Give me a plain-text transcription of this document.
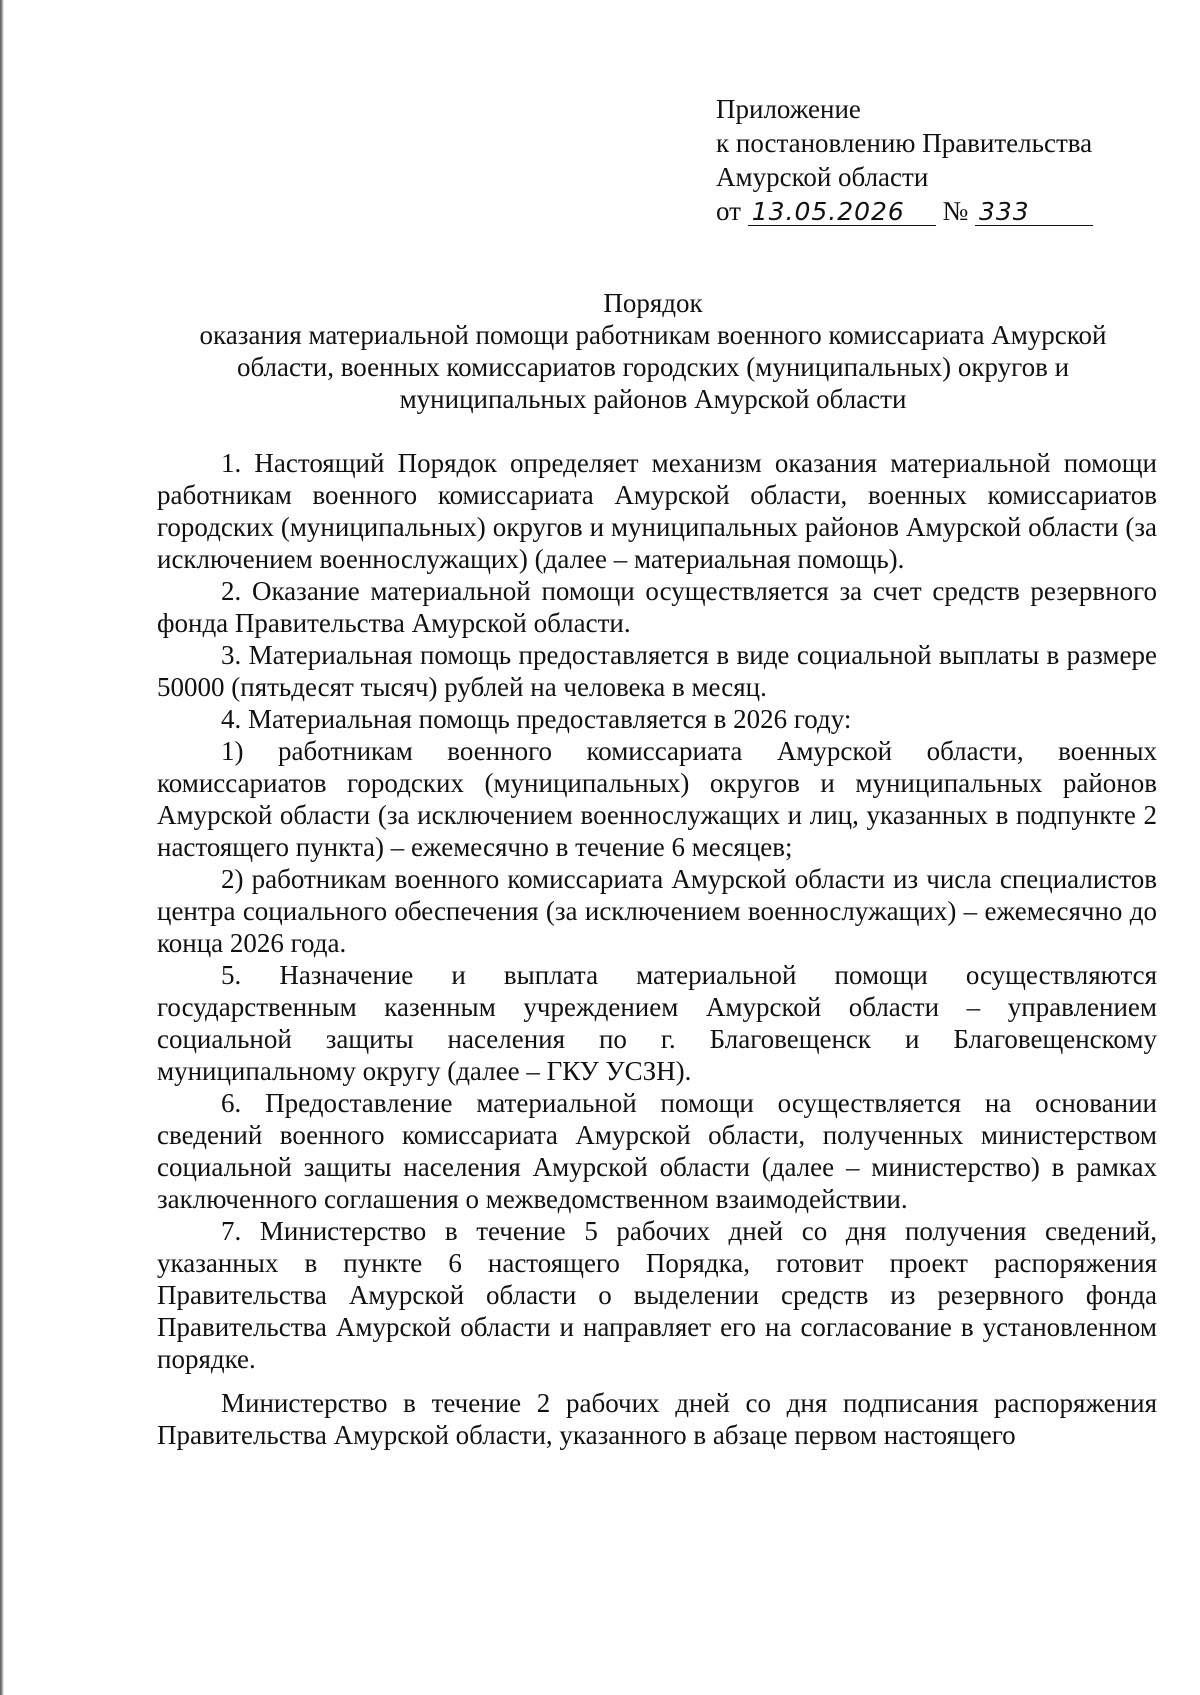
Приложение
к постановлению Правительства
Амурской области
от 13.05.2026 № 333
Порядок
оказания материальной помощи работникам военного комиссариата Амурской
области, военных комиссариатов городских (муниципальных) округов и
муниципальных районов Амурской области

1. Настоящий Порядок определяет механизм оказания материальной помощи работникам военного комиссариата Амурской области, военных комиссариатов городских (муниципальных) округов и муниципальных районов Амурской области (за исключением военнослужащих) (далее – материальная помощь).

2. Оказание материальной помощи осуществляется за счет средств резервного фонда Правительства Амурской области.

3. Материальная помощь предоставляется в виде социальной выплаты в размере 50000 (пятьдесят тысяч) рублей на человека в месяц.

4. Материальная помощь предоставляется в 2026 году:

1) работникам военного комиссариата Амурской области, военных комиссариатов городских (муниципальных) округов и муниципальных районов Амурской области (за исключением военнослужащих и лиц, указанных в подпункте 2 настоящего пункта) – ежемесячно в течение 6 месяцев;

2) работникам военного комиссариата Амурской области из числа специалистов центра социального обеспечения (за исключением военнослужащих) – ежемесячно до конца 2026 года.

5. Назначение и выплата материальной помощи осуществляются государственным казенным учреждением Амурской области – управлением социальной защиты населения по г. Благовещенск и Благовещенскому муниципальному округу (далее – ГКУ УСЗН).

6. Предоставление материальной помощи осуществляется на основании сведений военного комиссариата Амурской области, полученных министерством социальной защиты населения Амурской области (далее – министерство) в рамках заключенного соглашения о межведомственном взаимодействии.

7. Министерство в течение 5 рабочих дней со дня получения сведений, указанных в пункте 6 настоящего Порядка, готовит проект распоряжения Правительства Амурской области о выделении средств из резервного фонда Правительства Амурской области и направляет его на согласование в установленном порядке.

Министерство в течение 2 рабочих дней со дня подписания распоряжения Правительства Амурской области, указанного в абзаце первом настоящего
